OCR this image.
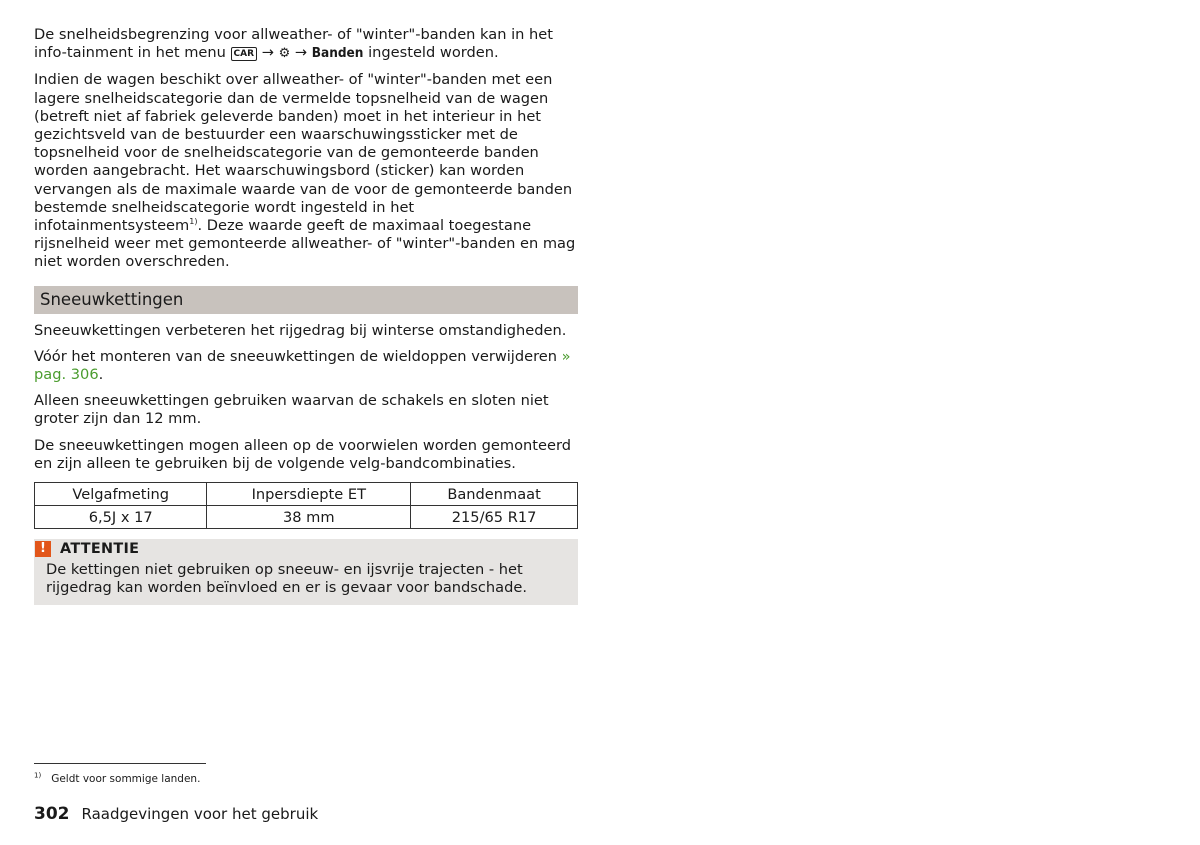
De snelheidsbegrenzing voor allweather- of "winter"-banden kan in het info-tainment in het menu CAR → ⚙ → Banden ingesteld worden.

Indien de wagen beschikt over allweather- of "winter"-banden met een lagere snelheidscategorie dan de vermelde topsnelheid van de wagen (betreft niet af fabriek geleverde banden) moet in het interieur in het gezichtsveld van de bestuurder een waarschuwingssticker met de topsnelheid voor de snelheidscategorie van de gemonteerde banden worden aangebracht. Het waarschuwingsbord (sticker) kan worden vervangen als de maximale waarde van de voor de gemonteerde banden bestemde snelheidscategorie wordt ingesteld in het infotainmentsysteem$^{1)}$. Deze waarde geeft de maximaal toegestane rijsnelheid weer met gemonteerde allweather- of "winter"-banden en mag niet worden overschreden.

Sneeuwkettingen

Sneeuwkettingen verbeteren het rijgedrag bij winterse omstandigheden.

Vóór het monteren van de sneeuwkettingen de wieldoppen verwijderen » pag. 306.

Alleen sneeuwkettingen gebruiken waarvan de schakels en sloten niet groter zijn dan 12 mm.

De sneeuwkettingen mogen alleen op de voorwielen worden gemonteerd en zijn alleen te gebruiken bij de volgende velg-bandcombinaties.

Velgafmeting	Inpersdiepte ET	Bandenmaat
6,5J x 17	38 mm	215/65 R17
! ATTENTIE

De kettingen niet gebruiken op sneeuw- en ijsvrije trajecten - het rijgedrag kan worden beïnvloed en er is gevaar voor bandschade.

$^{1)}$ Geldt voor sommige landen.
302 Raadgevingen voor het gebruik
